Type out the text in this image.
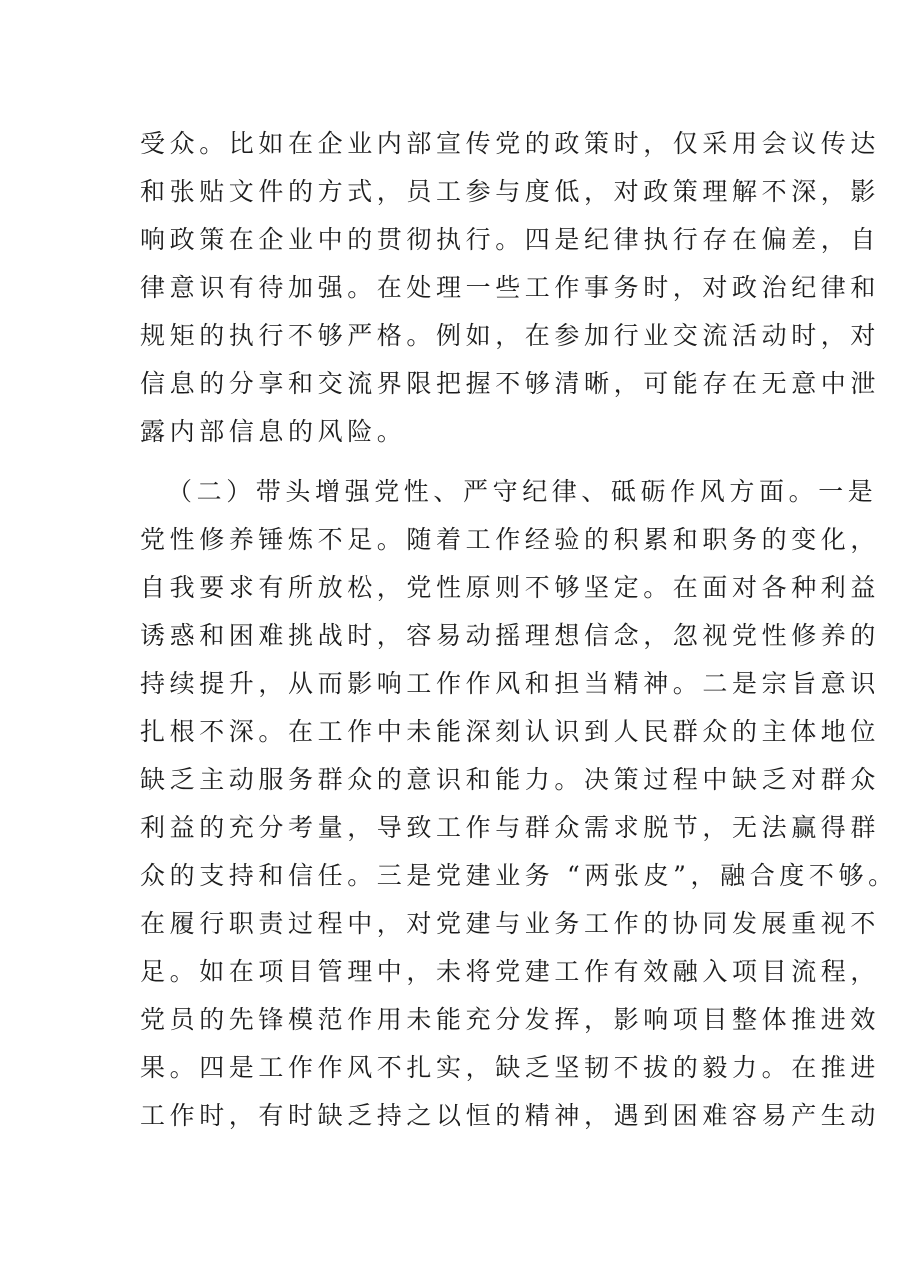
受众。比如在企业内部宣传党的政策时，仅采用会议传达
和张贴文件的方式，员工参与度低，对政策理解不深，影
响政策在企业中的贯彻执行。四是纪律执行存在偏差，自
律意识有待加强。在处理一些工作事务时，对政治纪律和
规矩的执行不够严格。例如，在参加行业交流活动时，对
信息的分享和交流界限把握不够清晰，可能存在无意中泄
露内部信息的风险。
（二）带头增强党性、严守纪律、砥砺作风方面。一是
党性修养锤炼不足。随着工作经验的积累和职务的变化，
自我要求有所放松，党性原则不够坚定。在面对各种利益
诱惑和困难挑战时，容易动摇理想信念，忽视党性修养的
持续提升，从而影响工作作风和担当精神。二是宗旨意识
扎根不深。在工作中未能深刻认识到人民群众的主体地位
缺乏主动服务群众的意识和能力。决策过程中缺乏对群众
利益的充分考量，导致工作与群众需求脱节，无法赢得群
众的支持和信任。三是党建业务 “两张皮”，融合度不够。
在履行职责过程中，对党建与业务工作的协同发展重视不
足。如在项目管理中，未将党建工作有效融入项目流程，
党员的先锋模范作用未能充分发挥，影响项目整体推进效
果。四是工作作风不扎实，缺乏坚韧不拔的毅力。在推进
工作时，有时缺乏持之以恒的精神，遇到困难容易产生动
